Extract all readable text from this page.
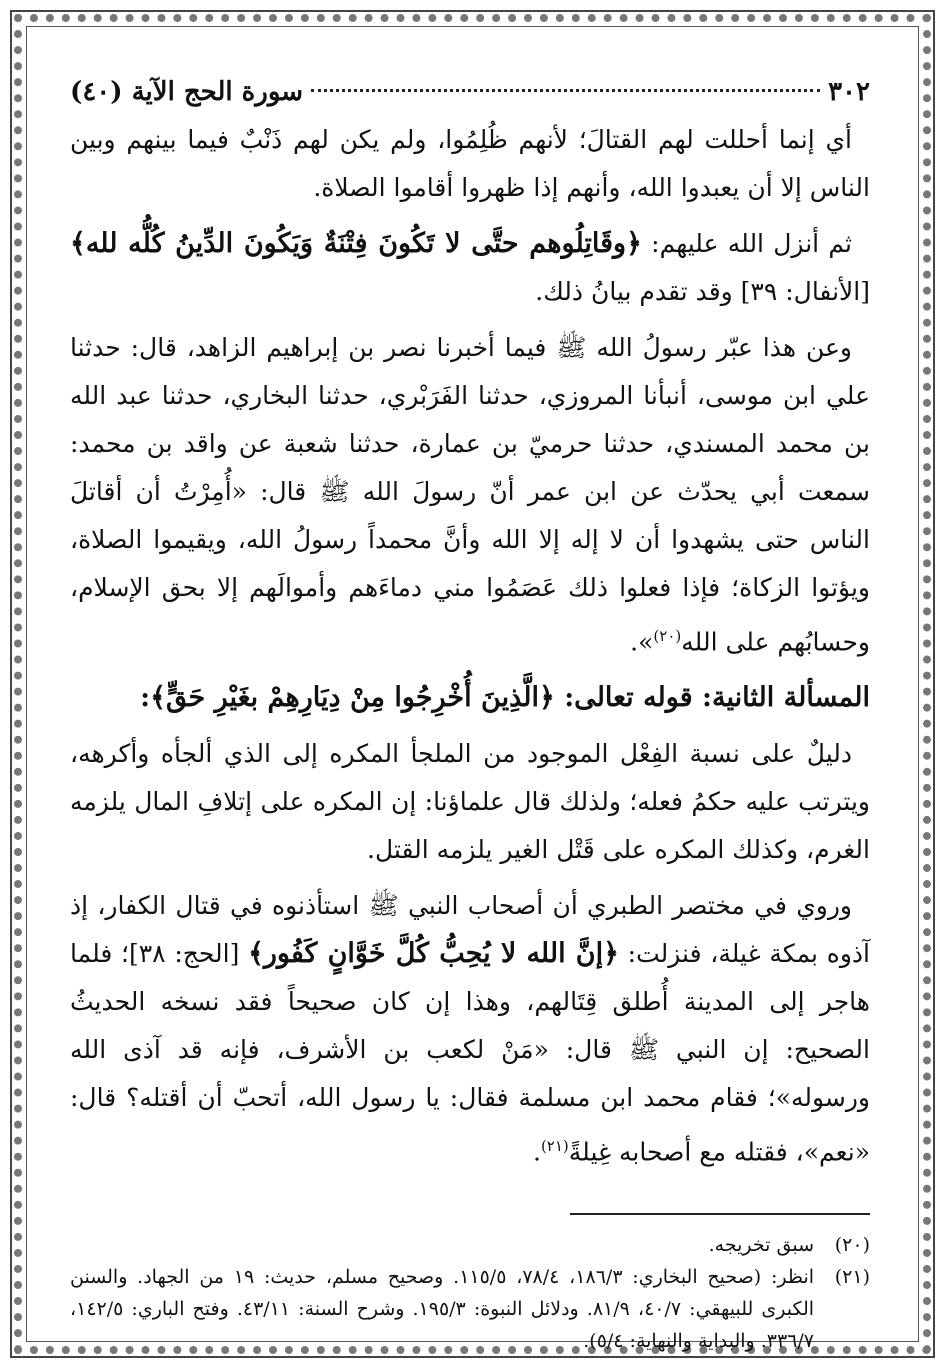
٣٠٢
سورة الحج الآية (٤٠)

أي إنما أحللت لهم القتالَ؛ لأنهم ظُلِمُوا، ولم يكن لهم ذَنْبٌ فيما بينهم وبين الناس إلا أن يعبدوا الله، وأنهم إذا ظهروا أقاموا الصلاة.

ثم أنزل الله عليهم: ﴿وقَاتِلُوهم حتَّى لا تَكُونَ فِتْنَةٌ وَيَكُونَ الدِّينُ كُلُّه لله﴾ [الأنفال: ٣٩] وقد تقدم بيانُ ذلك.

وعن هذا عبّر رسولُ الله ﷺ فيما أخبرنا نصر بن إبراهيم الزاهد، قال: حدثنا علي ابن موسى، أنبأنا المروزي، حدثنا الفَرَبْري، حدثنا البخاري، حدثنا عبد الله بن محمد المسندي، حدثنا حرميّ بن عمارة، حدثنا شعبة عن واقد بن محمد: سمعت أبي يحدّث عن ابن عمر أنّ رسولَ الله ﷺ قال: «أُمِرْتُ أن أقاتلَ الناس حتى يشهدوا أن لا إله إلا الله وأنَّ محمداً رسولُ الله، ويقيموا الصلاة، ويؤتوا الزكاة؛ فإذا فعلوا ذلك عَصَمُوا مني دماءَهم وأموالَهم إلا بحق الإسلام، وحسابُهم على الله$^{(٢٠)}$».

المسألة الثانية: قوله تعالى: ﴿الَّذِينَ أُخْرِجُوا مِنْ دِيَارِهِمْ بغَيْرِ حَقٍّ﴾:

دليلٌ على نسبة الفِعْل الموجود من الملجأ المكره إلى الذي ألجأه وأكرهه، ويترتب عليه حكمُ فعله؛ ولذلك قال علماؤنا: إن المكره على إتلافِ المال يلزمه الغرم، وكذلك المكره على قَتْل الغير يلزمه القتل.

وروي في مختصر الطبري أن أصحاب النبي ﷺ استأذنوه في قتال الكفار، إذ آذوه بمكة غيلة، فنزلت: ﴿إنَّ الله لا يُحِبُّ كُلَّ خَوَّانٍ كَفُور﴾ [الحج: ٣٨]؛ فلما هاجر إلى المدينة أُطلق قِتَالهم، وهذا إن كان صحيحاً فقد نسخه الحديثُ الصحيح: إن النبي ﷺ قال: «مَنْ لكعب بن الأشرف، فإنه قد آذى الله ورسوله»؛ فقام محمد ابن مسلمة فقال: يا رسول الله، أتحبّ أن أقتله؟ قال: «نعم»، فقتله مع أصحابه غِيلةً$^{(٢١)}$.

(٢٠)
سبق تخريجه.
(٢١)
انظر: (صحيح البخاري: ١٨٦/٣، ٧٨/٤، ١١٥/٥. وصحيح مسلم، حديث: ١٩ من الجهاد. والسنن الكبرى للبيهقي: ٤٠/٧، ٨١/٩. ودلائل النبوة: ١٩٥/٣. وشرح السنة: ٤٣/١١. وفتح الباري: ١٤٢/٥، ٣٣٦/٧. والبداية والنهاية: ٥/٤).
